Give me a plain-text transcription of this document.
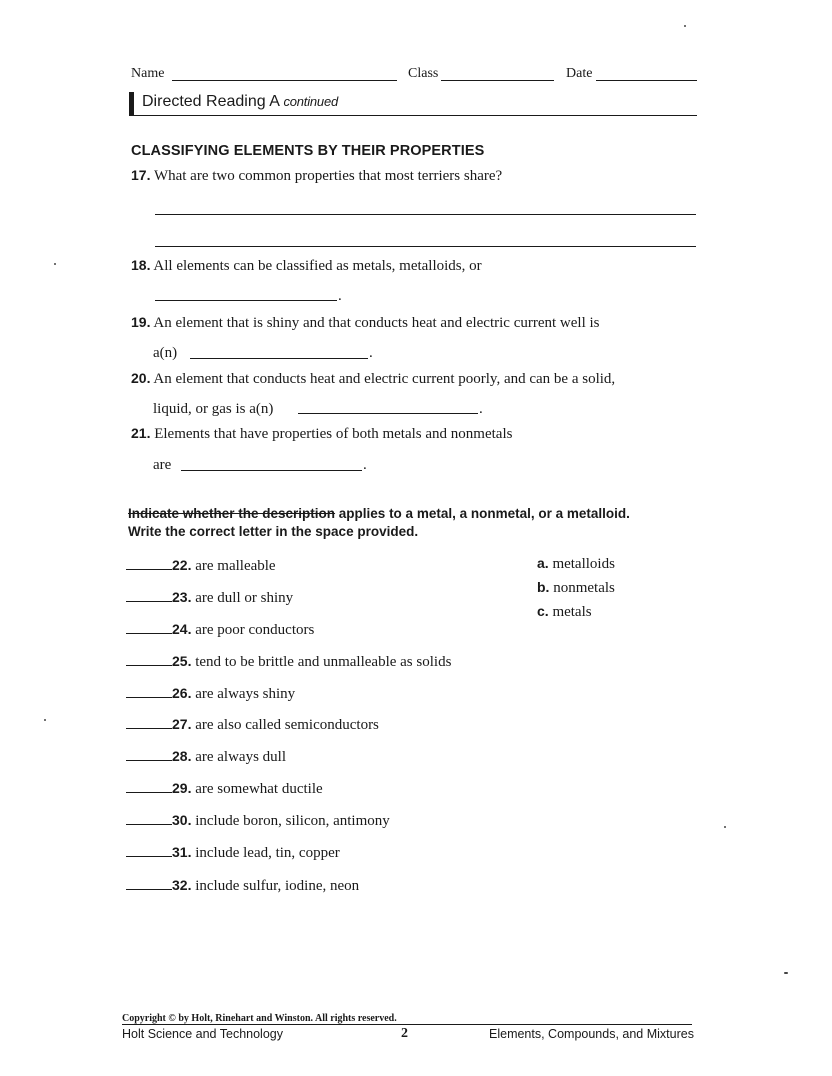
Name	Class	Date
Directed Reading A continued
CLASSIFYING ELEMENTS BY THEIR PROPERTIES
17. What are two common properties that most terriers share?
18. All elements can be classified as metals, metalloids, or
.
19. An element that is shiny and that conducts heat and electric current well is
a(n)	.
20. An element that conducts heat and electric current poorly, and can be a solid,
liquid, or gas is a(n)	.
21. Elements that have properties of both metals and nonmetals
are	.
Indicate whether the description applies to a metal, a nonmetal, or a metalloid.
Write the correct letter in the space provided.
22. are malleable
23. are dull or shiny
24. are poor conductors
25. tend to be brittle and unmalleable as solids
26. are always shiny
27. are also called semiconductors
28. are always dull
29. are somewhat ductile
30. include boron, silicon, antimony
31. include lead, tin, copper
32. include sulfur, iodine, neon
a. metalloids
b. nonmetals
c. metals
Copyright © by Holt, Rinehart and Winston. All rights reserved.
Holt Science and Technology	2	Elements, Compounds, and Mixtures
